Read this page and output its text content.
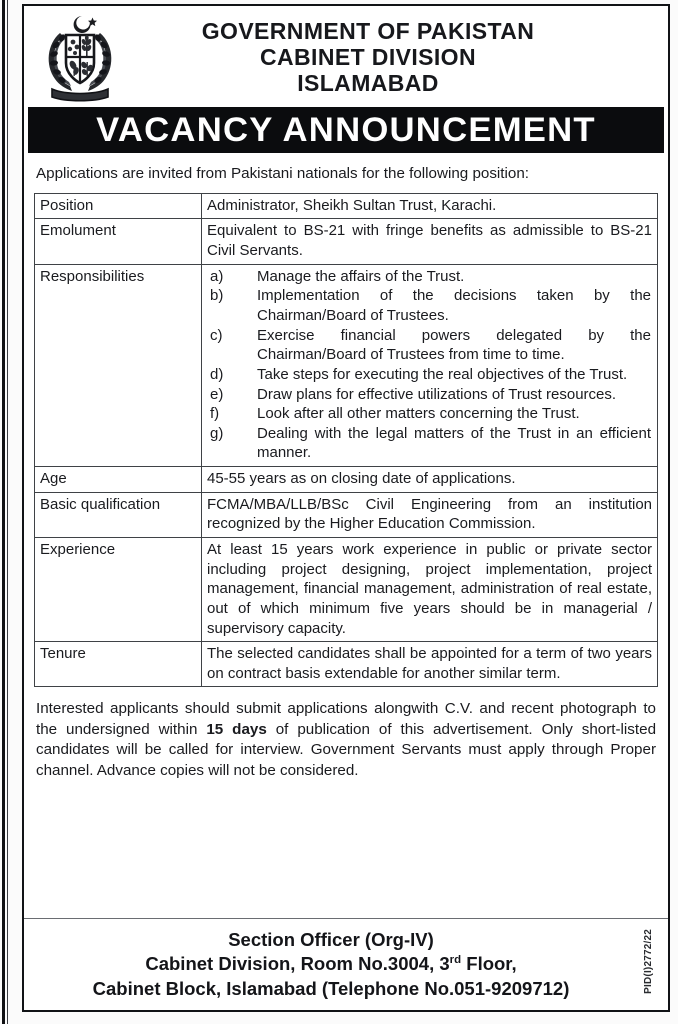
GOVERNMENT OF PAKISTAN
CABINET DIVISION
ISLAMABAD
VACANCY ANNOUNCEMENT
Applications are invited from Pakistani nationals for the following position:
Position	Administrator, Sheikh Sultan Trust, Karachi.
Emolument	Equivalent to BS-21 with fringe benefits as admissible to BS-21 Civil Servants.
Responsibilities	a)	Manage the affairs of the Trust.
b)	Implementation of the decisions taken by the Chairman/Board of Trustees.
c)	Exercise financial powers delegated by the Chairman/Board of Trustees from time to time.
d)	Take steps for executing the real objectives of the Trust.
e)	Draw plans for effective utilizations of Trust resources.
f)	Look after all other matters concerning the Trust.
g)	Dealing with the legal matters of the Trust in an efficient manner.

Age	45-55 years as on closing date of applications.
Basic qualification	FCMA/MBA/LLB/BSc Civil Engineering from an institution recognized by the Higher Education Commission.
Experience	At least 15 years work experience in public or private sector including project designing, project implementation, project management, financial management, administration of real estate, out of which minimum five years should be in managerial / supervisory capacity.
Tenure	The selected candidates shall be appointed for a term of two years on contract basis extendable for another similar term.
Interested applicants should submit applications alongwith C.V. and recent photograph to the undersigned within 15 days of publication of this advertisement. Only short-listed candidates will be called for interview. Government Servants must apply through Proper channel. Advance copies will not be considered.
Section Officer (Org-IV)
Cabinet Division, Room No.3004, 3rd Floor,
Cabinet Block, Islamabad (Telephone No.051-9209712)	PID(I)2772/22
